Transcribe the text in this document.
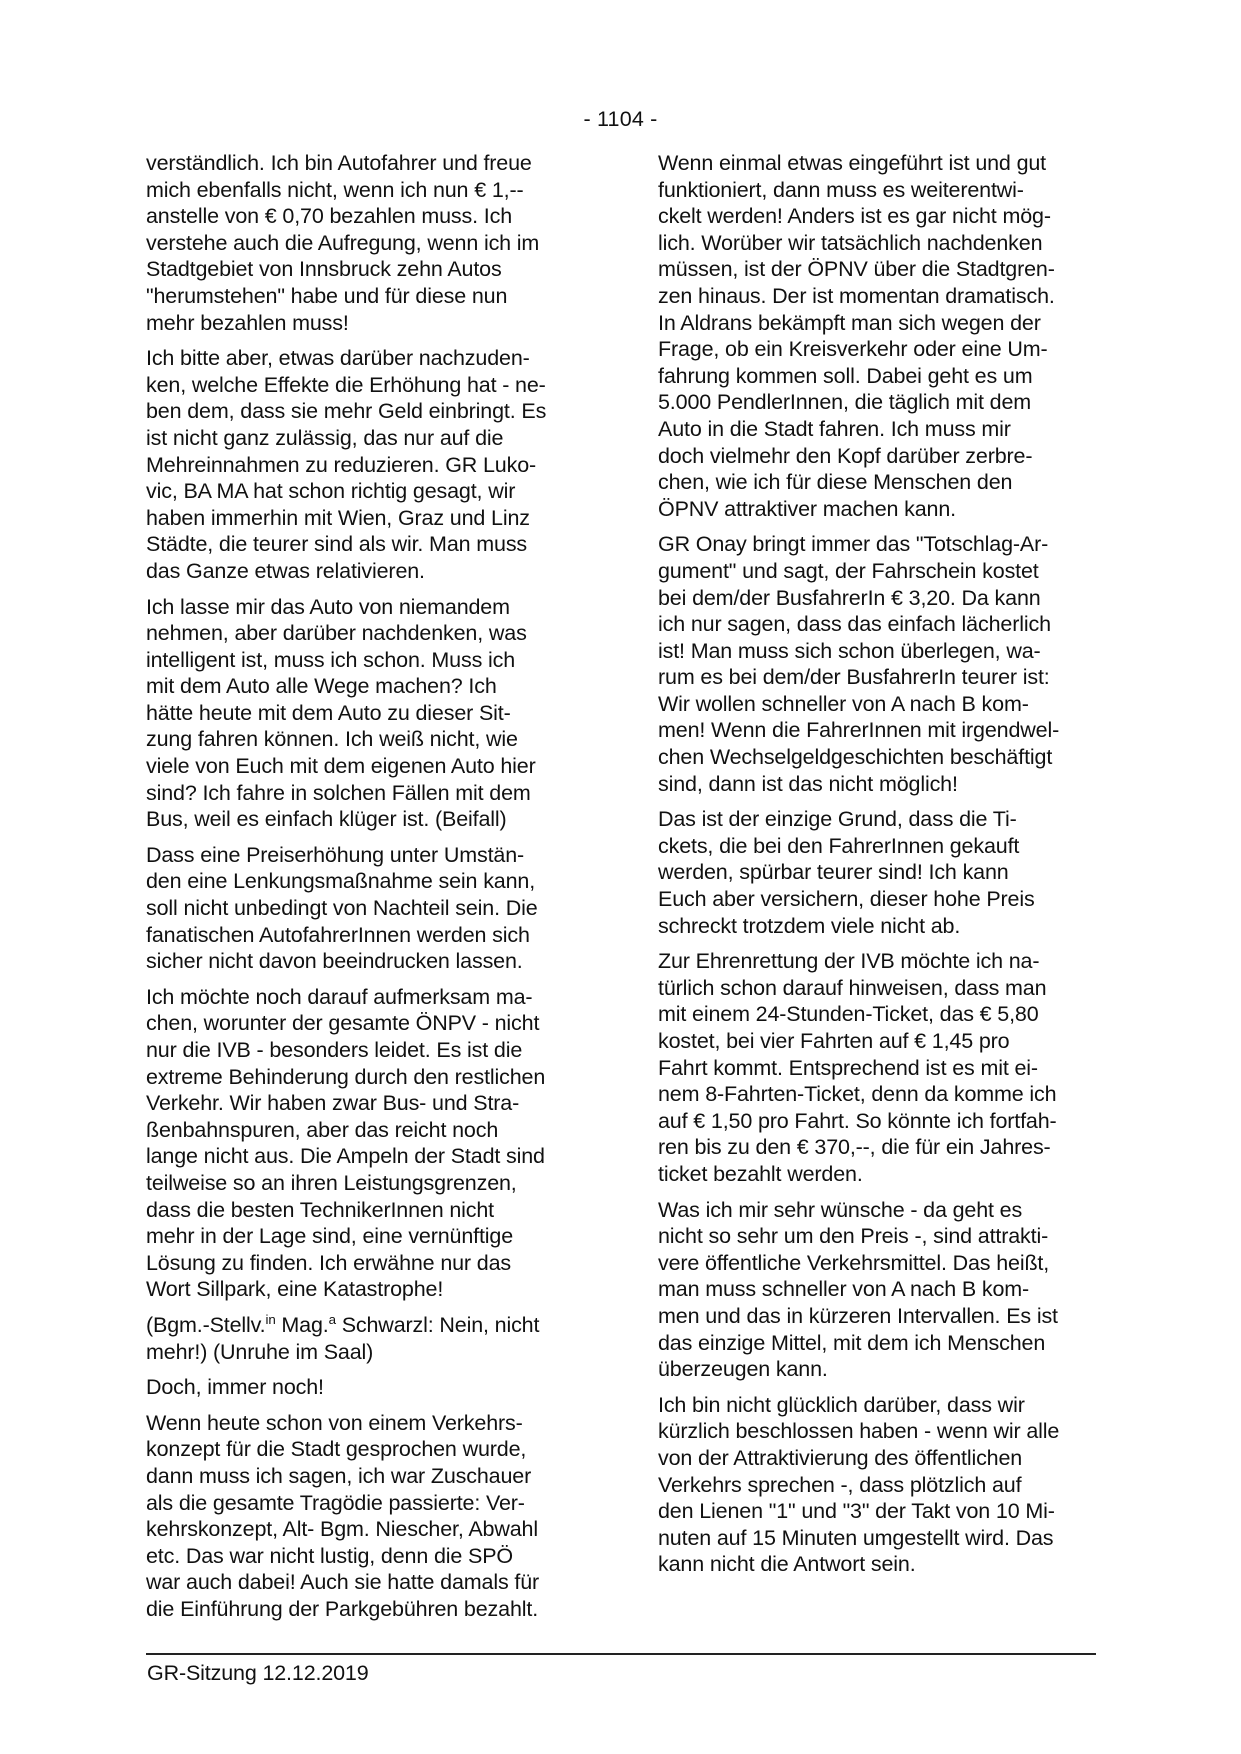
- 1104 -

verständlich. Ich bin Autofahrer und freue
mich ebenfalls nicht, wenn ich nun € 1,--
anstelle von € 0,70 bezahlen muss. Ich
verstehe auch die Aufregung, wenn ich im
Stadtgebiet von Innsbruck zehn Autos
"herumstehen" habe und für diese nun
mehr bezahlen muss!

Ich bitte aber, etwas darüber nachzuden-
ken, welche Effekte die Erhöhung hat - ne-
ben dem, dass sie mehr Geld einbringt. Es
ist nicht ganz zulässig, das nur auf die
Mehreinnahmen zu reduzieren. GR Luko-
vic, BA MA hat schon richtig gesagt, wir
haben immerhin mit Wien, Graz und Linz
Städte, die teurer sind als wir. Man muss
das Ganze etwas relativieren.

Ich lasse mir das Auto von niemandem
nehmen, aber darüber nachdenken, was
intelligent ist, muss ich schon. Muss ich
mit dem Auto alle Wege machen? Ich
hätte heute mit dem Auto zu dieser Sit-
zung fahren können. Ich weiß nicht, wie
viele von Euch mit dem eigenen Auto hier
sind? Ich fahre in solchen Fällen mit dem
Bus, weil es einfach klüger ist. (Beifall)

Dass eine Preiserhöhung unter Umstän-
den eine Lenkungsmaßnahme sein kann,
soll nicht unbedingt von Nachteil sein. Die
fanatischen AutofahrerInnen werden sich
sicher nicht davon beeindrucken lassen.

Ich möchte noch darauf aufmerksam ma-
chen, worunter der gesamte ÖNPV - nicht
nur die IVB - besonders leidet. Es ist die
extreme Behinderung durch den restlichen
Verkehr. Wir haben zwar Bus- und Stra-
ßenbahnspuren, aber das reicht noch
lange nicht aus. Die Ampeln der Stadt sind
teilweise so an ihren Leistungsgrenzen,
dass die besten TechnikerInnen nicht
mehr in der Lage sind, eine vernünftige
Lösung zu finden. Ich erwähne nur das
Wort Sillpark, eine Katastrophe!

(Bgm.-Stellv.$^{in}$ Mag.$^a$ Schwarzl: Nein, nicht
mehr!) (Unruhe im Saal)

Doch, immer noch!

Wenn heute schon von einem Verkehrs-
konzept für die Stadt gesprochen wurde,
dann muss ich sagen, ich war Zuschauer
als die gesamte Tragödie passierte: Ver-
kehrskonzept, Alt- Bgm. Niescher, Abwahl
etc. Das war nicht lustig, denn die SPÖ
war auch dabei! Auch sie hatte damals für
die Einführung der Parkgebühren bezahlt.

Wenn einmal etwas eingeführt ist und gut
funktioniert, dann muss es weiterentwi-
ckelt werden! Anders ist es gar nicht mög-
lich. Worüber wir tatsächlich nachdenken
müssen, ist der ÖPNV über die Stadtgren-
zen hinaus. Der ist momentan dramatisch.
In Aldrans bekämpft man sich wegen der
Frage, ob ein Kreisverkehr oder eine Um-
fahrung kommen soll. Dabei geht es um
5.000 PendlerInnen, die täglich mit dem
Auto in die Stadt fahren. Ich muss mir
doch vielmehr den Kopf darüber zerbre-
chen, wie ich für diese Menschen den
ÖPNV attraktiver machen kann.

GR Onay bringt immer das "Totschlag-Ar-
gument" und sagt, der Fahrschein kostet
bei dem/der BusfahrerIn € 3,20. Da kann
ich nur sagen, dass das einfach lächerlich
ist! Man muss sich schon überlegen, wa-
rum es bei dem/der BusfahrerIn teurer ist:
Wir wollen schneller von A nach B kom-
men! Wenn die FahrerInnen mit irgendwel-
chen Wechselgeldgeschichten beschäftigt
sind, dann ist das nicht möglich!

Das ist der einzige Grund, dass die Ti-
ckets, die bei den FahrerInnen gekauft
werden, spürbar teurer sind! Ich kann
Euch aber versichern, dieser hohe Preis
schreckt trotzdem viele nicht ab.

Zur Ehrenrettung der IVB möchte ich na-
türlich schon darauf hinweisen, dass man
mit einem 24-Stunden-Ticket, das € 5,80
kostet, bei vier Fahrten auf € 1,45 pro
Fahrt kommt. Entsprechend ist es mit ei-
nem 8-Fahrten-Ticket, denn da komme ich
auf € 1,50 pro Fahrt. So könnte ich fortfah-
ren bis zu den € 370,--, die für ein Jahres-
ticket bezahlt werden.

Was ich mir sehr wünsche - da geht es
nicht so sehr um den Preis -, sind attrakti-
vere öffentliche Verkehrsmittel. Das heißt,
man muss schneller von A nach B kom-
men und das in kürzeren Intervallen. Es ist
das einzige Mittel, mit dem ich Menschen
überzeugen kann.

Ich bin nicht glücklich darüber, dass wir
kürzlich beschlossen haben - wenn wir alle
von der Attraktivierung des öffentlichen
Verkehrs sprechen -, dass plötzlich auf
den Lienen "1" und "3" der Takt von 10 Mi-
nuten auf 15 Minuten umgestellt wird. Das
kann nicht die Antwort sein.

GR-Sitzung 12.12.2019
